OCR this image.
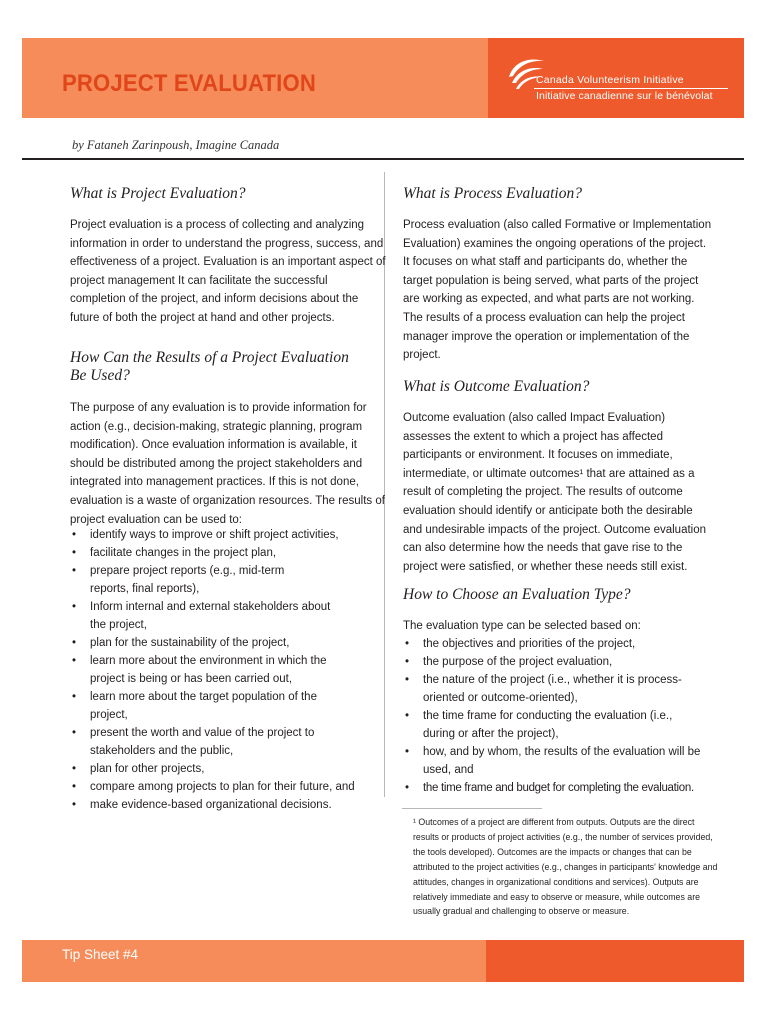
PROJECT EVALUATION	Canada Volunteerism Initiative
Initiative canadienne sur le bénévolat
by Fataneh Zarinpoush, Imagine Canada
What is Project Evaluation?

Project evaluation is a process of collecting and analyzing information in order to understand the progress, success, and effectiveness of a project. Evaluation is an important aspect of project management It can facilitate the successful completion of the project, and inform decisions about the future of both the project at hand and other projects.

How Can the Results of a Project Evaluation Be Used?

The purpose of any evaluation is to provide information for action (e.g., decision-making, strategic planning, program modification). Once evaluation information is available, it should be distributed among the project stakeholders and integrated into management practices. If this is not done, evaluation is a waste of organization resources. The results of project evaluation can be used to:

• identify ways to improve or shift project activities,
• facilitate changes in the project plan,
• prepare project reports (e.g., mid-term reports, final reports),
• Inform internal and external stakeholders about the project,
• plan for the sustainability of the project,
• learn more about the environment in which the project is being or has been carried out,
• learn more about the target population of the project,
• present the worth and value of the project to stakeholders and the public,
• plan for other projects,
• compare among projects to plan for their future, and
• make evidence-based organizational decisions.
What is Process Evaluation?

Process evaluation (also called Formative or Implementation Evaluation) examines the ongoing operations of the project. It focuses on what staff and participants do, whether the target population is being served, what parts of the project are working as expected, and what parts are not working. The results of a process evaluation can help the project manager improve the operation or implementation of the project.

What is Outcome Evaluation?

Outcome evaluation (also called Impact Evaluation) assesses the extent to which a project has affected participants or environment. It focuses on immediate, intermediate, or ultimate outcomes¹ that are attained as a result of completing the project. The results of outcome evaluation should identify or anticipate both the desirable and undesirable impacts of the project. Outcome evaluation can also determine how the needs that gave rise to the project were satisfied, or whether these needs still exist.

How to Choose an Evaluation Type?

The evaluation type can be selected based on:

• the objectives and priorities of the project,
• the purpose of the project evaluation,
• the nature of the project (i.e., whether it is process-oriented or outcome-oriented),
• the time frame for conducting the evaluation (i.e., during or after the project),
• how, and by whom, the results of the evaluation will be used, and
• the time frame and budget for completing the evaluation.
¹ Outcomes of a project are different from outputs. Outputs are the direct results or products of project activities (e.g., the number of services provided, the tools developed). Outcomes are the impacts or changes that can be attributed to the project activities (e.g., changes in participants' knowledge and attitudes, changes in organizational conditions and services). Outputs are relatively immediate and easy to observe or measure, while outcomes are usually gradual and challenging to observe or measure.
Tip Sheet #4
